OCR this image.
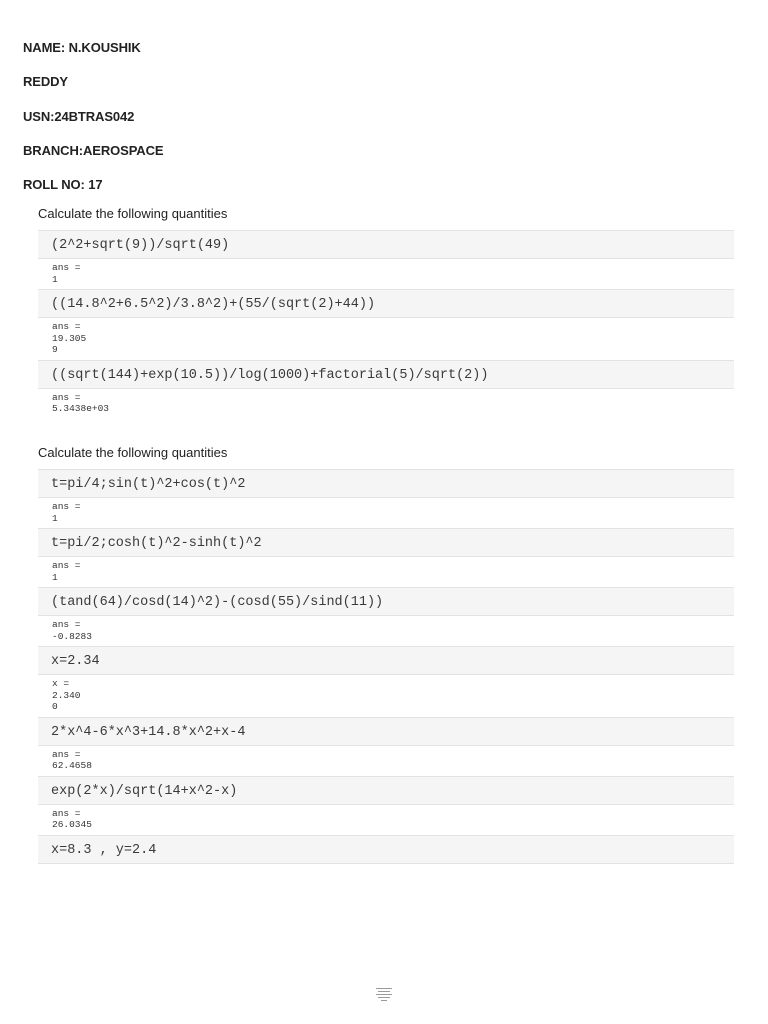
NAME: N.KOUSHIK
REDDY
USN:24BTRAS042
BRANCH:AEROSPACE
ROLL NO: 17

Calculate the following quantities

(2^2+sqrt(9))/sqrt(49)
ans =
1
((14.8^2+6.5^2)/3.8^2)+(55/(sqrt(2)+44))
ans =
19.305
9
((sqrt(144)+exp(10.5))/log(1000)+factorial(5)/sqrt(2))
ans =
5.3438e+03

Calculate the following quantities

t=pi/4;sin(t)^2+cos(t)^2
ans =
1
t=pi/2;cosh(t)^2-sinh(t)^2
ans =
1
(tand(64)/cosd(14)^2)-(cosd(55)/sind(11))
ans =
-0.8283
x=2.34
x =
2.340
0
2*x^4-6*x^3+14.8*x^2+x-4
ans =
62.4658
exp(2*x)/sqrt(14+x^2-x)
ans =
26.0345
x=8.3 , y=2.4
